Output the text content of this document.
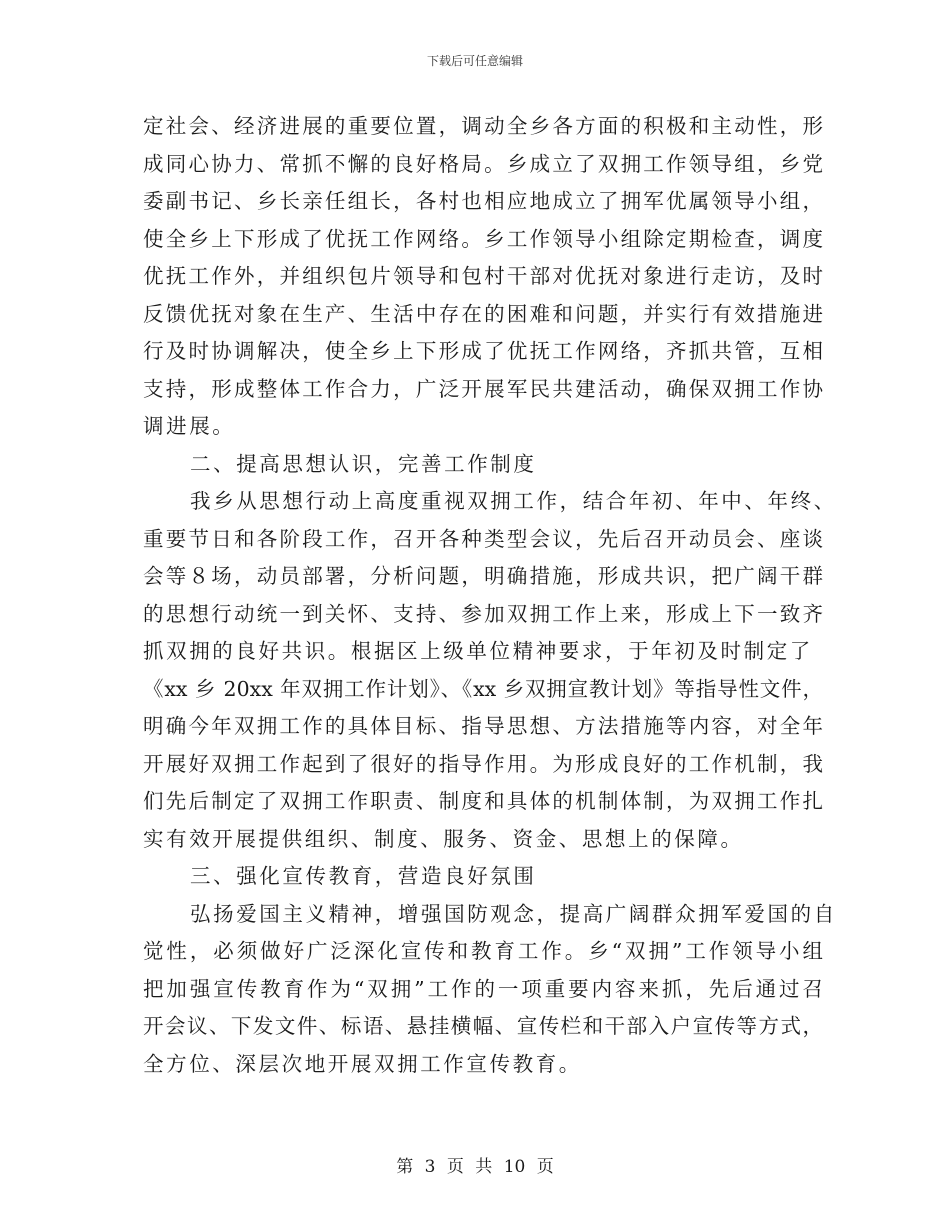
下载后可任意编辑
定社会、经济进展的重要位置，调动全乡各方面的积极和主动性，形
成同心协力、常抓不懈的良好格局。乡成立了双拥工作领导组，乡党
委副书记、乡长亲任组长，各村也相应地成立了拥军优属领导小组，
使全乡上下形成了优抚工作网络。乡工作领导小组除定期检查，调度
优抚工作外，并组织包片领导和包村干部对优抚对象进行走访，及时
反馈优抚对象在生产、生活中存在的困难和问题，并实行有效措施进
行及时协调解决，使全乡上下形成了优抚工作网络，齐抓共管，互相
支持，形成整体工作合力，广泛开展军民共建活动，确保双拥工作协
调进展。
二、提高思想认识，完善工作制度
我乡从思想行动上高度重视双拥工作，结合年初、年中、年终、
重要节日和各阶段工作，召开各种类型会议，先后召开动员会、座谈
会等８场，动员部署，分析问题，明确措施，形成共识，把广阔干群
的思想行动统一到关怀、支持、参加双拥工作上来，形成上下一致齐
抓双拥的良好共识。根据区上级单位精神要求，于年初及时制定了
《xx 乡 20xx 年双拥工作计划》、《xx 乡双拥宣教计划》等指导性文件，
明确今年双拥工作的具体目标、指导思想、方法措施等内容，对全年
开展好双拥工作起到了很好的指导作用。为形成良好的工作机制，我
们先后制定了双拥工作职责、制度和具体的机制体制，为双拥工作扎
实有效开展提供组织、制度、服务、资金、思想上的保障。
三、强化宣传教育，营造良好氛围
弘扬爱国主义精神，增强国防观念，提高广阔群众拥军爱国的自
觉性，必须做好广泛深化宣传和教育工作。乡“双拥”工作领导小组
把加强宣传教育作为“双拥”工作的一项重要内容来抓，先后通过召
开会议、下发文件、标语、悬挂横幅、宣传栏和干部入户宣传等方式，
全方位、深层次地开展双拥工作宣传教育。
第 3 页 共 10 页
